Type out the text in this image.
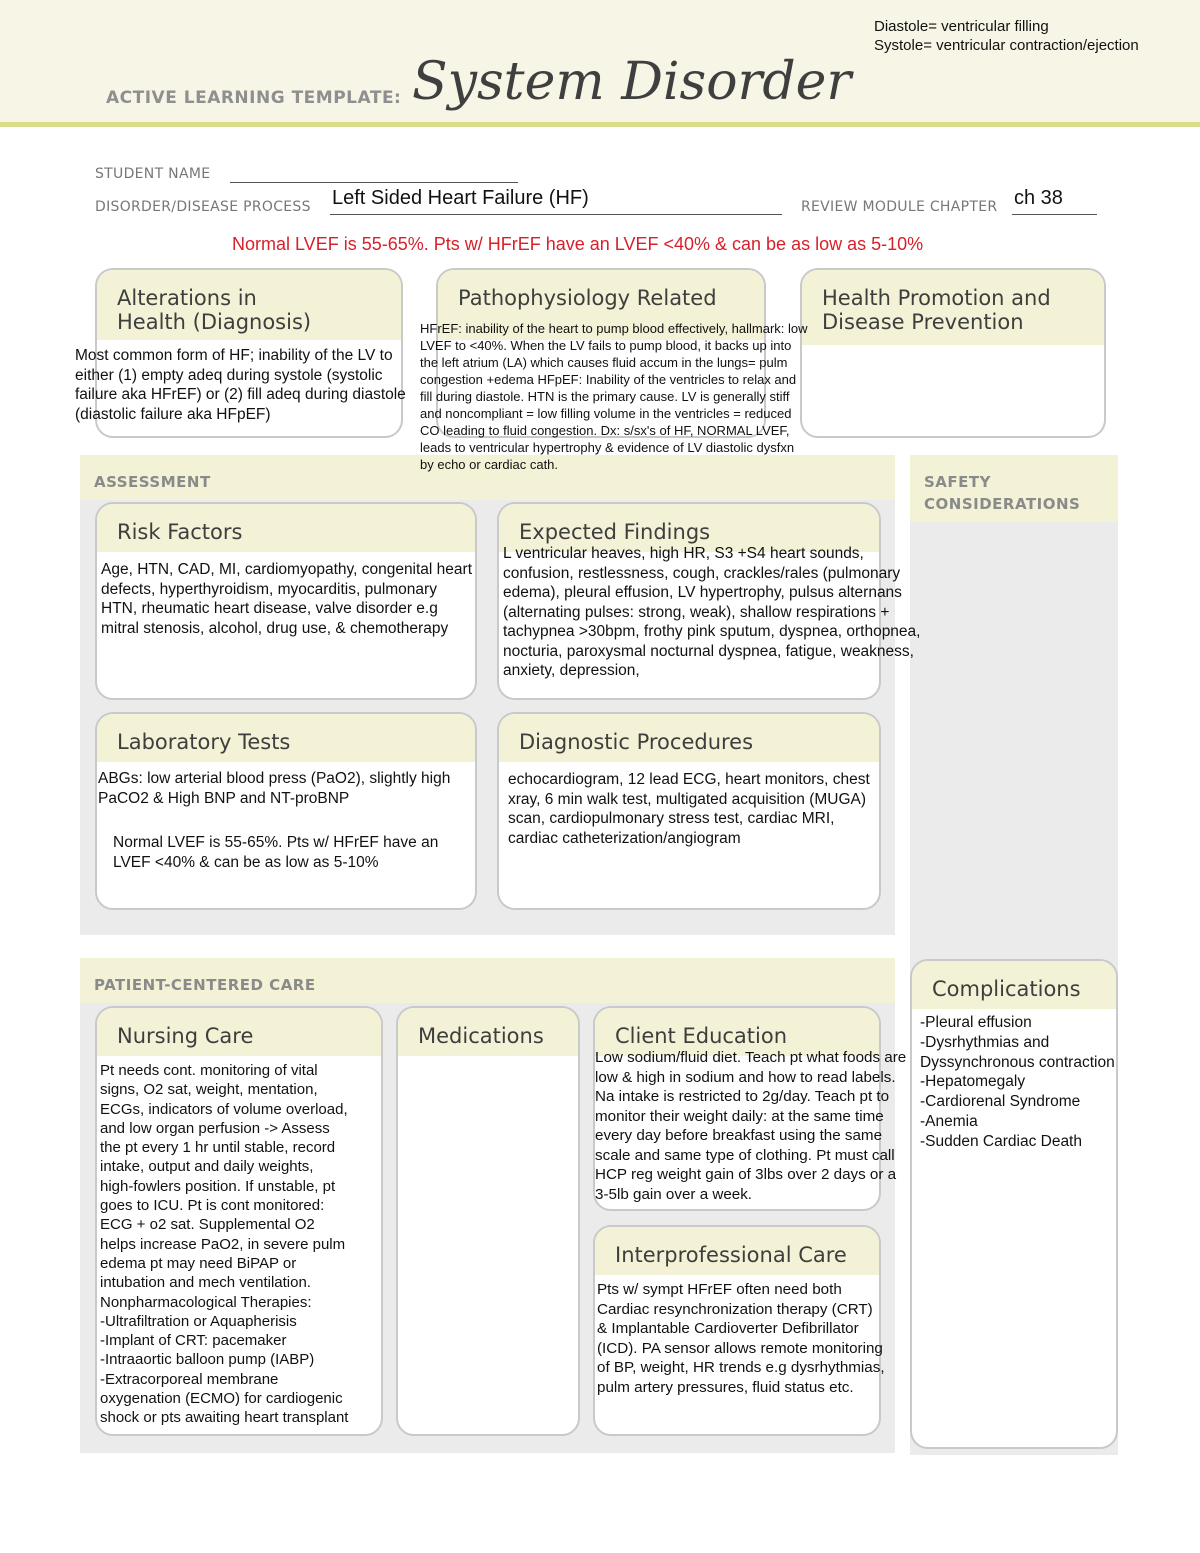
ACTIVE LEARNING TEMPLATE: System Disorder
Diastole= ventricular filling
Systole= ventricular contraction/ejection
STUDENT NAME
DISORDER/DISEASE PROCESS Left Sided Heart Failure (HF)	REVIEW MODULE CHAPTER ch 38
Normal LVEF is 55-65%. Pts w/ HFrEF have an LVEF <40% & can be as low as 5-10%
Alterations in
Health (Diagnosis)
Most common form of HF; inability of the LV to either (1) empty adeq during systole (systolic failure aka HFrEF) or (2) fill adeq during diastole (diastolic failure aka HFpEF)
Pathophysiology Related	Health Promotion and
Disease Prevention
ASSESSMENT
HFrEF: inability of the heart to pump blood effectively, hallmark: low LVEF to <40%. When the LV fails to pump blood, it backs up into the left atrium (LA) which causes fluid accum in the lungs= pulm congestion +edema HFpEF: Inability of the ventricles to relax and fill during diastole. HTN is the primary cause. LV is generally stiff and noncompliant = low filling volume in the ventricles = reduced CO leading to fluid congestion. Dx: s/sx's of HF, NORMAL LVEF, leads to ventricular hypertrophy & evidence of LV diastolic dysfxn by echo or cardiac cath.
SAFETY
CONSIDERATIONS
Risk Factors
Age, HTN, CAD, MI, cardiomyopathy, congenital heart defects, hyperthyroidism, myocarditis, pulmonary HTN, rheumatic heart disease, valve disorder e.g mitral stenosis, alcohol, drug use, & chemotherapy
Expected Findings
L ventricular heaves, high HR, S3 +S4 heart sounds, confusion, restlessness, cough, crackles/rales (pulmonary edema), pleural effusion, LV hypertrophy, pulsus alternans (alternating pulses: strong, weak), shallow respirations + tachypnea >30bpm, frothy pink sputum, dyspnea, orthopnea, nocturia, paroxysmal nocturnal dyspnea, fatigue, weakness, anxiety, depression,
Laboratory Tests
ABGs: low arterial blood press (PaO2), slightly high PaCO2 & High BNP and NT-proBNP
Normal LVEF is 55-65%. Pts w/ HFrEF have an LVEF <40% & can be as low as 5-10%
Diagnostic Procedures
echocardiogram, 12 lead ECG, heart monitors, chest xray, 6 min walk test, multigated acquisition (MUGA) scan, cardiopulmonary stress test, cardiac MRI, cardiac catheterization/angiogram
PATIENT-CENTERED CARE
Nursing Care
Pt needs cont. monitoring of vital
signs, O2 sat, weight, mentation,
ECGs, indicators of volume overload,
and low organ perfusion -> Assess
the pt every 1 hr until stable, record
intake, output and daily weights,
high-fowlers position. If unstable, pt
goes to ICU. Pt is cont monitored:
ECG + o2 sat. Supplemental O2
helps increase PaO2, in severe pulm
edema pt may need BiPAP or
intubation and mech ventilation.
Nonpharmacological Therapies:
-Ultrafiltration or Aquapherisis
-Implant of CRT: pacemaker
-Intraaortic balloon pump (IABP)
-Extracorporeal membrane
oxygenation (ECMO) for cardiogenic
shock or pts awaiting heart transplant
Medications	Client Education
Low sodium/fluid diet. Teach pt what foods are low & high in sodium and how to read labels. Na intake is restricted to 2g/day. Teach pt to monitor their weight daily: at the same time every day before breakfast using the same scale and same type of clothing. Pt must call HCP reg weight gain of 3lbs over 2 days or a 3-5lb gain over a week.
Interprofessional Care
Pts w/ sympt HFrEF often need both Cardiac resynchronization therapy (CRT) & Implantable Cardioverter Defibrillator (ICD). PA sensor allows remote monitoring of BP, weight, HR trends e.g dysrhythmias, pulm artery pressures, fluid status etc.
Complications
-Pleural effusion
-Dysrhythmias and
Dyssynchronous contraction
-Hepatomegaly
-Cardiorenal Syndrome
-Anemia
-Sudden Cardiac Death
